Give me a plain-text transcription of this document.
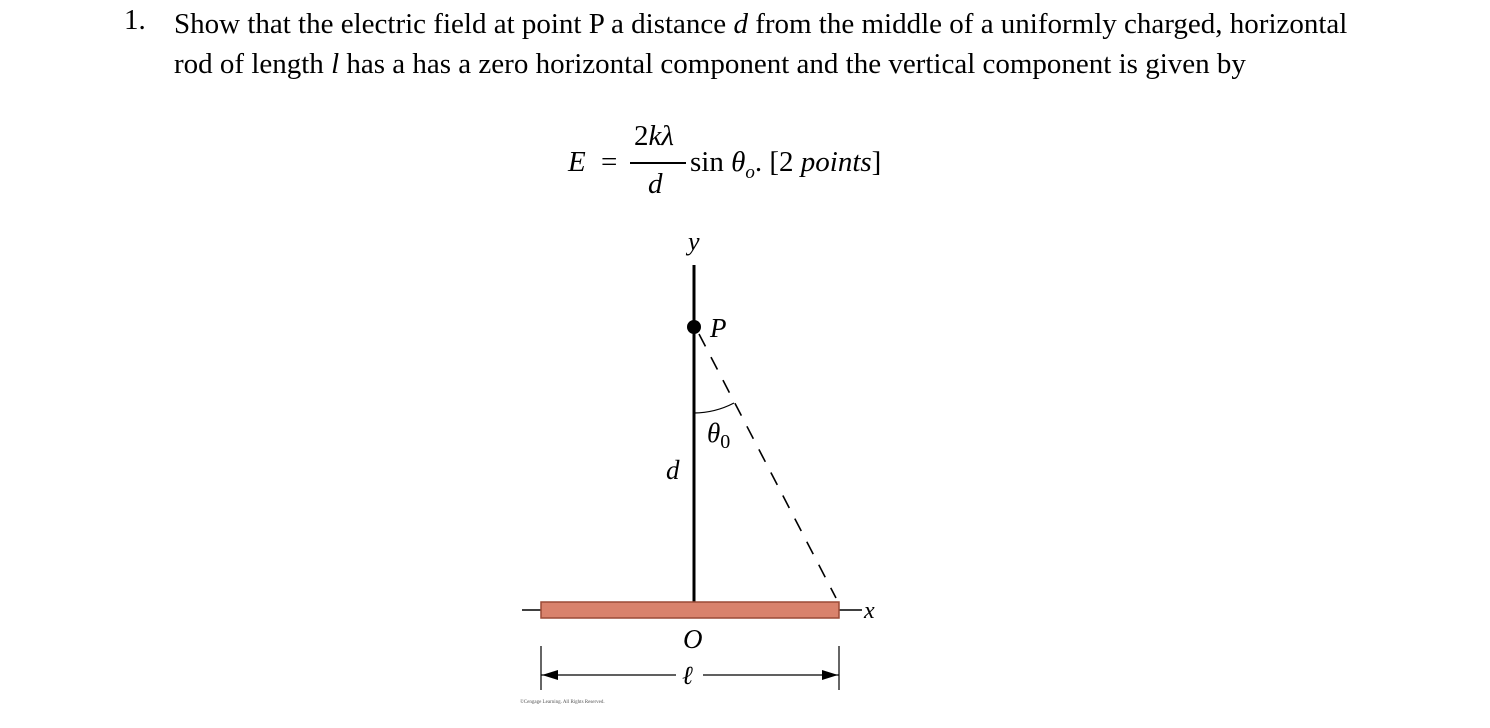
1. Show that the electric field at point P a distance d from the middle of a uniformly charged, horizontal rod of length l has a has a zero horizontal component and the vertical component is given by
E =
2kλ
d
$\sin \theta_o$. [2 points]
y
P
$\theta_0$
d
x
O
ℓ
©Cengage Learning. All Rights Reserved.
